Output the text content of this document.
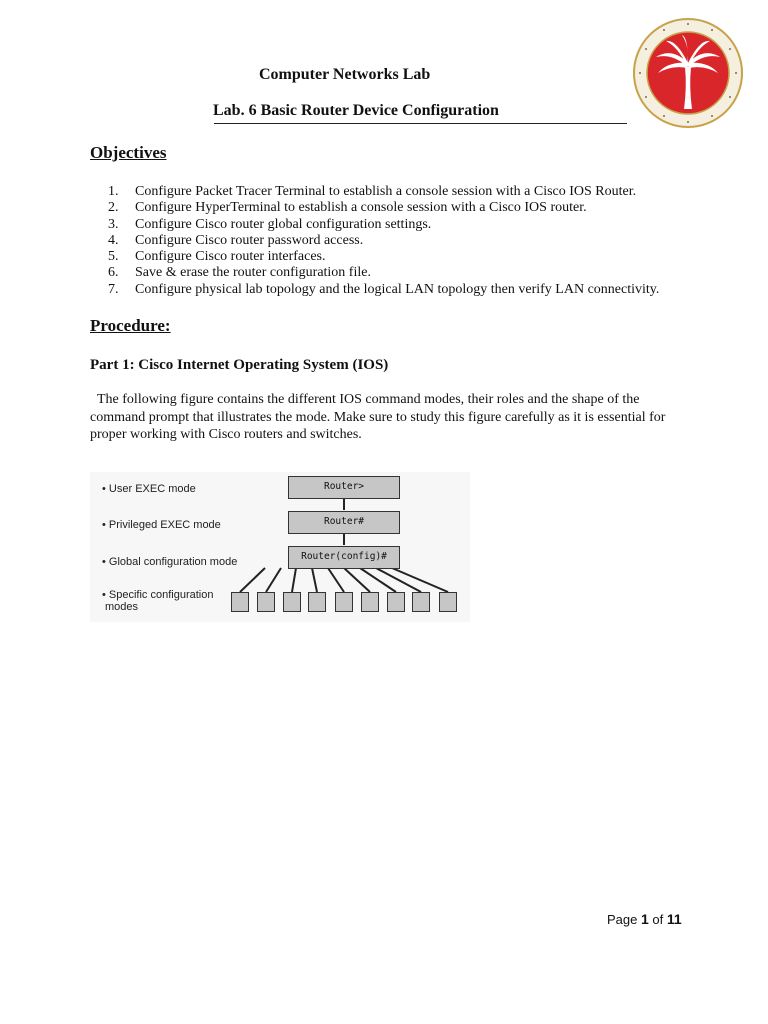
Computer Networks Lab
Lab. 6 Basic Router Device Configuration
Objectives
1. Configure Packet Tracer Terminal to establish a console session with a Cisco IOS Router.
2. Configure HyperTerminal to establish a console session with a Cisco IOS router.
3. Configure Cisco router global configuration settings.
4. Configure Cisco router password access.
5. Configure Cisco router interfaces.
6. Save & erase the router configuration file.
7. Configure physical lab topology and the logical LAN topology then verify LAN connectivity.
Procedure:
Part 1: Cisco Internet Operating System (IOS)
The following figure contains the different IOS command modes, their roles and the shape of the
command prompt that illustrates the mode. Make sure to study this figure carefully as it is essential for
proper working with Cisco routers and switches.
• User EXEC mode
• Privileged EXEC mode
• Global configuration mode
• Specific configuration
modes
Router>
Router#
Router(config)#
Page 1 of 11
